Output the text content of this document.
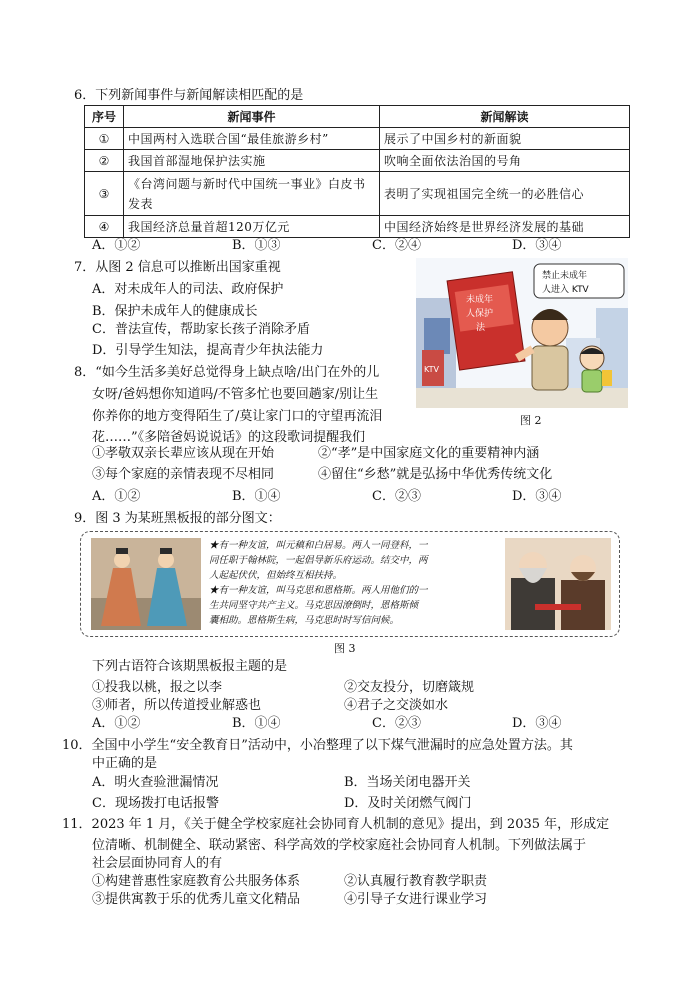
6．下列新闻事件与新闻解读相匹配的是
序号	新闻事件	新闻解读
①	中国两村入选联合国“最佳旅游乡村”	展示了中国乡村的新面貌
②	我国首部湿地保护法实施	吹响全面依法治国的号角
③	《台湾问题与新时代中国统一事业》白皮书发表	表明了实现祖国完全统一的必胜信心
④	我国经济总量首超120万亿元	中国经济始终是世界经济发展的基础
A．①②	B．①③	C．②④	D．③④
7．从图 2 信息可以推断出国家重视
A．对未成年人的司法、政府保护
B．保护未成年人的健康成长
C．普法宣传，帮助家长孩子消除矛盾
D．引导学生知法，提高青少年执法能力
未成年
人保护
法
KTV
禁止未成年
人进入 KTV
图 2
8．“如今生活多美好总觉得身上缺点啥/出门在外的儿
女呀/爸妈想你知道吗/不管多忙也要回趟家/别让生
你养你的地方变得陌生了/莫让家门口的守望再流泪
花……”《多陪爸妈说说话》的这段歌词提醒我们
①孝敬双亲长辈应该从现在开始	②“孝”是中国家庭文化的重要精神内涵
③每个家庭的亲情表现不尽相同	④留住“乡愁”就是弘扬中华优秀传统文化
A．①②	B．①④	C．②③	D．③④
9．图 3 为某班黑板报的部分图文：
★有一种友谊，叫元稹和白居易。两人一同登科，一
同任职于翰林院，一起倡导新乐府运动。结交中，两
人起起伏伏，但始终互相扶持。
★有一种友谊，叫马克思和恩格斯。两人用他们的一
生共同坚守共产主义。马克思因潦倒时，恩格斯倾
囊相助。恩格斯生病，马克思时时写信问候。
图 3
下列古语符合该期黑板报主题的是
①投我以桃，报之以李	②交友投分，切磨箴规
③师者，所以传道授业解惑也	④君子之交淡如水
A．①②	B．①④	C．②③	D．③④
10．全国中小学生“安全教育日”活动中，小冶整理了以下煤气泄漏时的应急处置方法。其
中正确的是
A．明火查验泄漏情况	B．当场关闭电器开关
C．现场拨打电话报警	D．及时关闭燃气阀门
11．2023 年 1 月，《关于健全学校家庭社会协同育人机制的意见》提出，到 2035 年，形成定
位清晰、机制健全、联动紧密、科学高效的学校家庭社会协同育人机制。下列做法属于
社会层面协同育人的有
①构建普惠性家庭教育公共服务体系	②认真履行教育教学职责
③提供寓教于乐的优秀儿童文化精品	④引导子女进行课业学习
